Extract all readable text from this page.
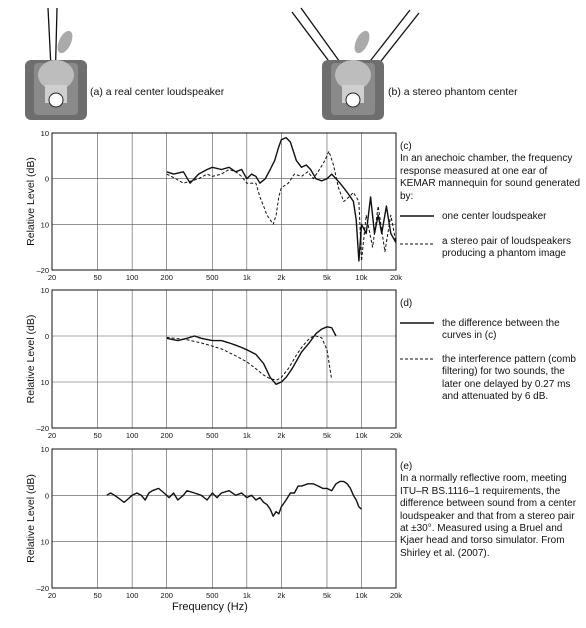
20	50	100	200	500	1k	2k	5k	10k	20k
10
0
10
–20
Relative Level (dB)
20	50	100	200	500	1k	2k	5k	10k	20k
10
0
10
–20
Relative Level (dB)
20	50	100	200	500	1k	2k	5k	10k	20k
10
0
10
–20
Relative Level (dB)
(a) a real center loudspeaker	(b) a stereo phantom center
(c)
In an anechoic chamber, the frequency response measured at one ear of KEMAR mannequin for sound generated by:
one center loudspeaker
a stereo pair of loudspeakers producing a phantom image
(d)
the difference between the curves in (c)
the interference pattern (comb filtering) for two sounds, the later one delayed by 0.27 ms and attenuated by 6 dB.
(e)
In a normally reflective room, meeting ITU–R BS.1116–1 requirements, the difference between sound from a center loudspeaker and that from a stereo pair at ±30°. Measured using a Bruel and Kjaer head and torso simulator. From Shirley et al. (2007).
Frequency (Hz)
